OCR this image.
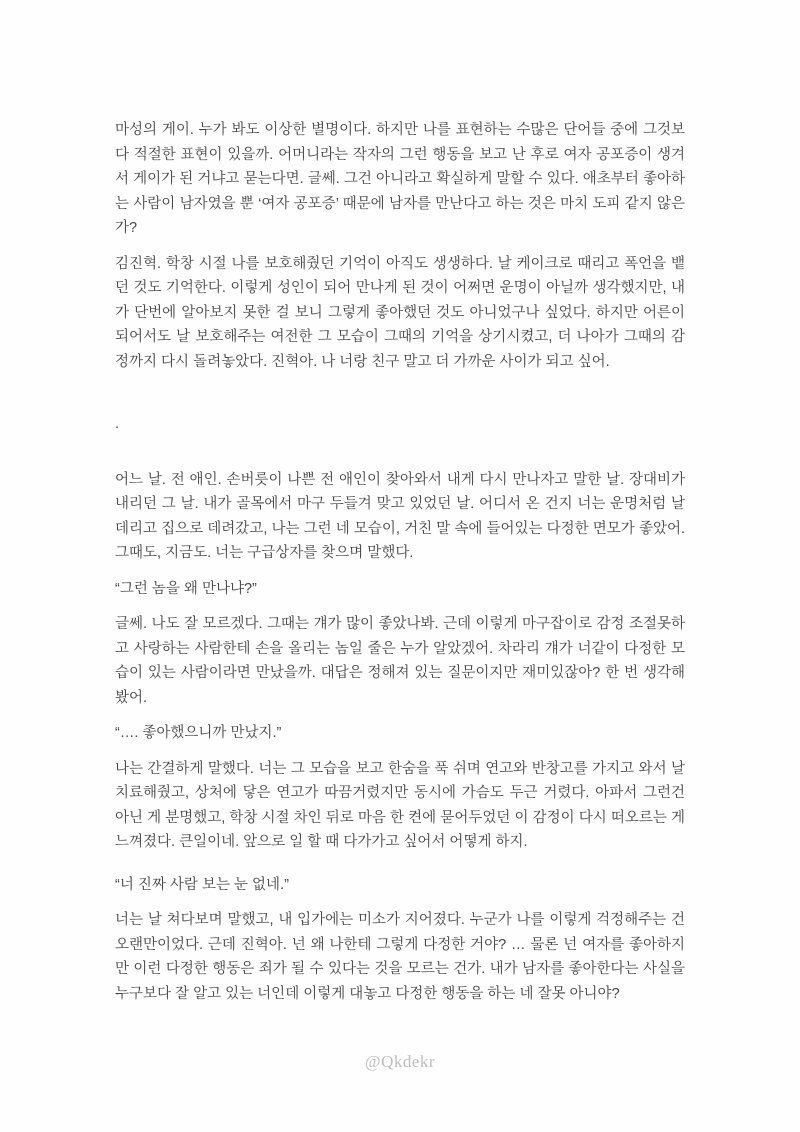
마성의 게이. 누가 봐도 이상한 별명이다. 하지만 나를 표현하는 수많은 단어들 중에 그것보다 적절한 표현이 있을까. 어머니라는 작자의 그런 행동을 보고 난 후로 여자 공포증이 생겨서 게이가 된 거냐고 묻는다면. 글쎄. 그건 아니라고 확실하게 말할 수 있다. 애초부터 좋아하는 사람이 남자였을 뿐 ‘여자 공포증’ 때문에 남자를 만난다고 하는 것은 마치 도피 같지 않은가?

김진혁. 학창 시절 나를 보호해줬던 기억이 아직도 생생하다. 날 케이크로 때리고 폭언을 뱉던 것도 기억한다. 이렇게 성인이 되어 만나게 된 것이 어쩌면 운명이 아닐까 생각했지만, 내가 단번에 알아보지 못한 걸 보니 그렇게 좋아했던 것도 아니었구나 싶었다. 하지만 어른이 되어서도 날 보호해주는 여전한 그 모습이 그때의 기억을 상기시켰고, 더 나아가 그때의 감정까지 다시 돌려놓았다. 진혁아. 나 너랑 친구 말고 더 가까운 사이가 되고 싶어.

.

어느 날. 전 애인. 손버릇이 나쁜 전 애인이 찾아와서 내게 다시 만나자고 말한 날. 장대비가 내리던 그 날. 내가 골목에서 마구 두들겨 맞고 있었던 날. 어디서 온 건지 너는 운명처럼 날 데리고 집으로 데려갔고, 나는 그런 네 모습이, 거친 말 속에 들어있는 다정한 면모가 좋았어. 그때도, 지금도. 너는 구급상자를 찾으며 말했다.

“그런 놈을 왜 만나냐?”

글쎄. 나도 잘 모르겠다. 그때는 걔가 많이 좋았나봐. 근데 이렇게 마구잡이로 감정 조절못하고 사랑하는 사람한테 손을 올리는 놈일 줄은 누가 알았겠어. 차라리 걔가 너같이 다정한 모습이 있는 사람이라면 만났을까. 대답은 정해져 있는 질문이지만 재미있잖아? 한 번 생각해봤어.

“…. 좋아했으니까 만났지.”

나는 간결하게 말했다. 너는 그 모습을 보고 한숨을 푹 쉬며 연고와 반창고를 가지고 와서 날 치료해줬고, 상처에 닿은 연고가 따끔거렸지만 동시에 가슴도 두근 거렸다. 아파서 그런건 아닌 게 분명했고, 학창 시절 차인 뒤로 마음 한 켠에 묻어두었던 이 감정이 다시 떠오르는 게 느껴졌다. 큰일이네. 앞으로 일 할 때 다가가고 싶어서 어떻게 하지.

“너 진짜 사람 보는 눈 없네.”

너는 날 쳐다보며 말했고, 내 입가에는 미소가 지어졌다. 누군가 나를 이렇게 걱정해주는 건 오랜만이었다. 근데 진혁아. 넌 왜 나한테 그렇게 다정한 거야? … 물론 넌 여자를 좋아하지만 이런 다정한 행동은 죄가 될 수 있다는 것을 모르는 건가. 내가 남자를 좋아한다는 사실을 누구보다 잘 알고 있는 너인데 이렇게 대놓고 다정한 행동을 하는 네 잘못 아니야?

@Qkdekr
